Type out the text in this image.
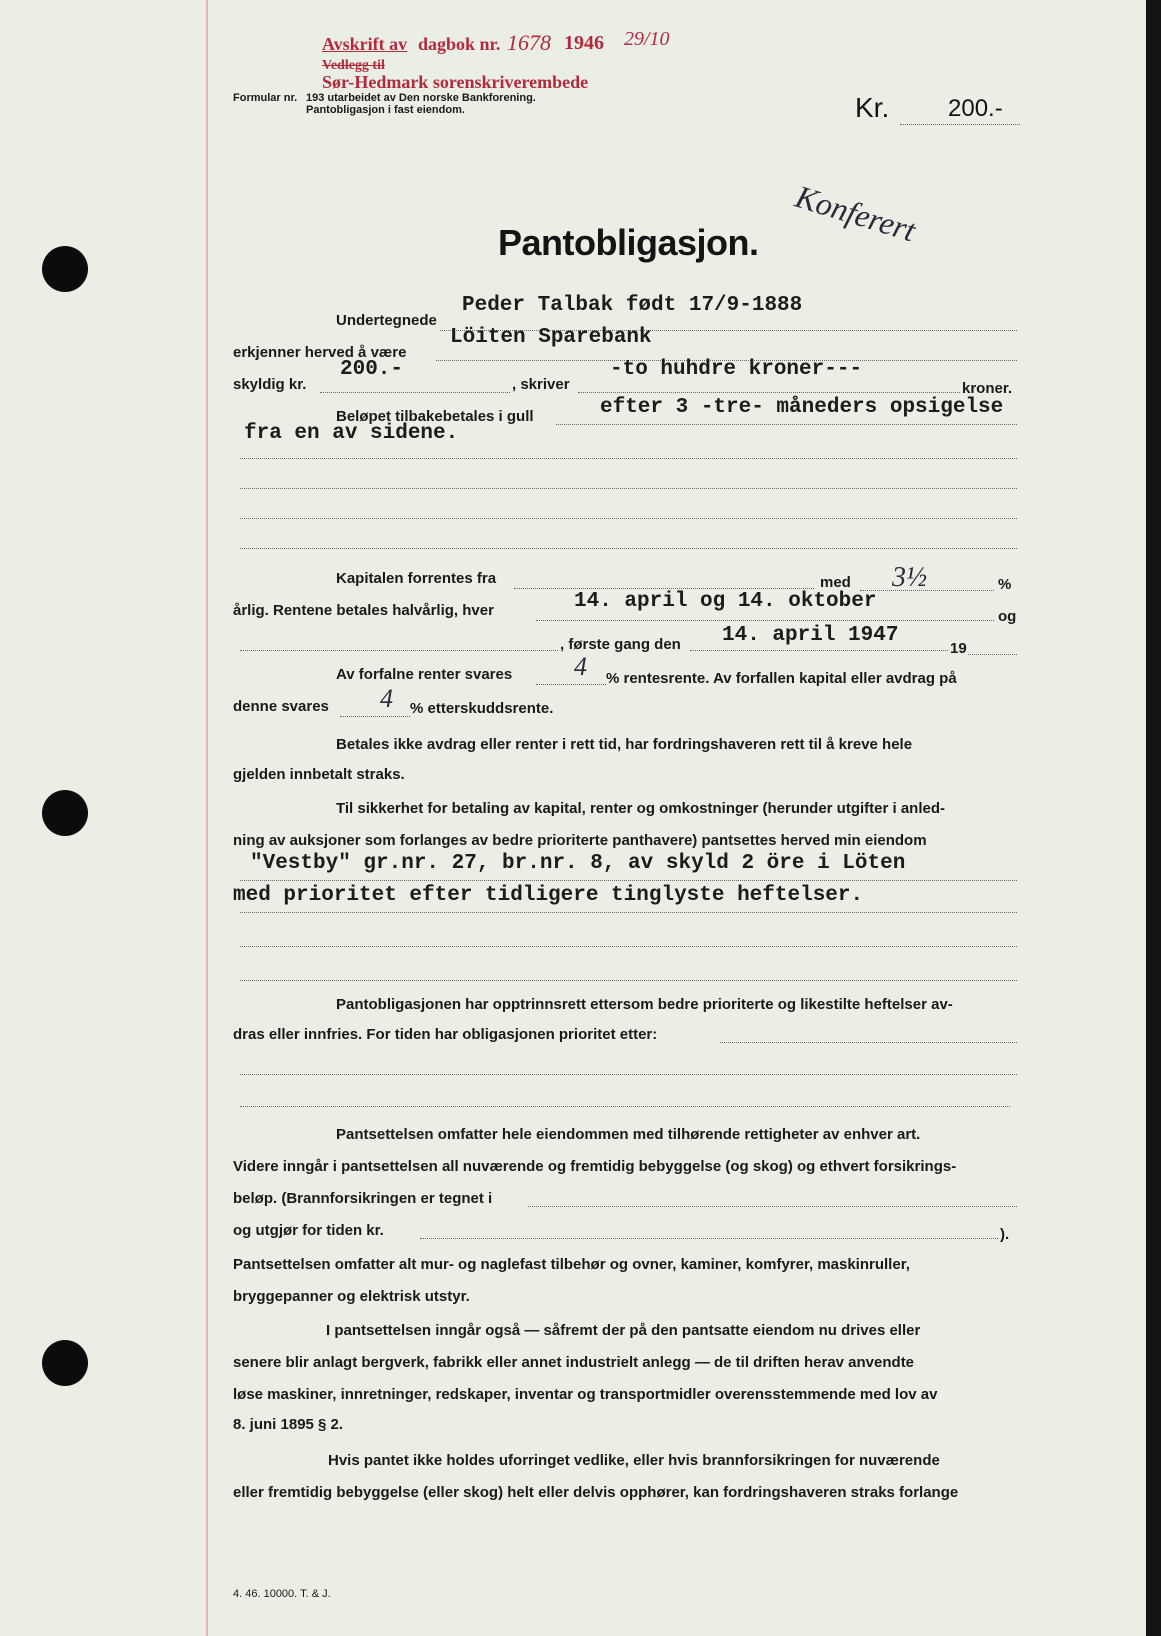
Avskrift av dagbok nr. 1678 1946 29/10
Vedlegg til
Sør-Hedmark sorenskriverembede
Formular nr. 193 utarbeidet av Den norske Bankforening.
Pantobligasjon i fast eiendom.	Kr. 200.-
Konferert
Pantobligasjon.
Undertegnede
Peder Talbak født 17/9-1888
erkjenner herved å være
Löiten Sparebank
skyldig kr.
200.-
, skriver
-to huhdre kroner---
kroner.
Beløpet tilbakebetales i gull	efter 3 -tre- måneders opsigelse
fra en av sidene.
Kapitalen forrentes fra	med 3½	%
årlig. Rentene betales halvårlig, hver	14. april og 14. oktober
og
, første gang den 14. april 1947
19
Av forfalne renter svares 4 % rentesrente. Av forfallen kapital eller avdrag på
denne svares 4 % etterskuddsrente.
Betales ikke avdrag eller renter i rett tid, har fordringshaveren rett til å kreve hele
gjelden innbetalt straks.
Til sikkerhet for betaling av kapital, renter og omkostninger (herunder utgifter i anled-
ning av auksjoner som forlanges av bedre prioriterte panthavere) pantsettes herved min eiendom
"Vestby" gr.nr. 27, br.nr. 8, av skyld 2 öre i Löten
med prioritet efter tidligere tinglyste heftelser.
Pantobligasjonen har opptrinnsrett ettersom bedre prioriterte og likestilte heftelser av-
dras eller innfries. For tiden har obligasjonen prioritet etter:
Pantsettelsen omfatter hele eiendommen med tilhørende rettigheter av enhver art.
Videre inngår i pantsettelsen all nuværende og fremtidig bebyggelse (og skog) og ethvert forsikrings-
beløp. (Brannforsikringen er tegnet i
og utgjør for tiden kr.	).
Pantsettelsen omfatter alt mur- og naglefast tilbehør og ovner, kaminer, komfyrer, maskinruller,
bryggepanner og elektrisk utstyr.
I pantsettelsen inngår også — såfremt der på den pantsatte eiendom nu drives eller
senere blir anlagt bergverk, fabrikk eller annet industrielt anlegg — de til driften herav anvendte
løse maskiner, innretninger, redskaper, inventar og transportmidler overensstemmende med lov av
8. juni 1895 § 2.
Hvis pantet ikke holdes uforringet vedlike, eller hvis brannforsikringen for nuværende
eller fremtidig bebyggelse (eller skog) helt eller delvis opphører, kan fordringshaveren straks forlange
4. 46. 10000. T. & J.
